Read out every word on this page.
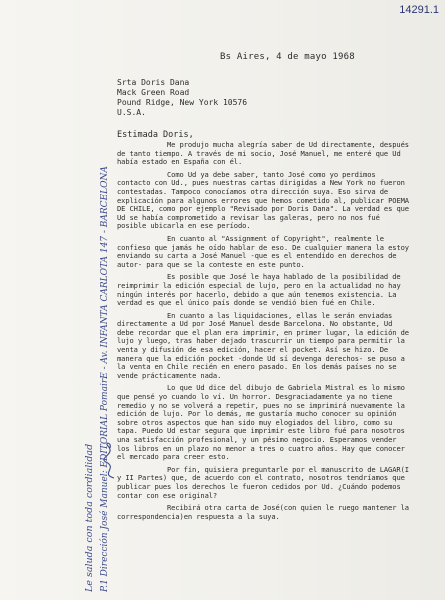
14291.1
Bs Aires, 4 de mayo 1968
Srta Doris Dana
Mack Green Road
Pound Ridge, New York 10576
U.S.A.
Estimada Doris,

Me produjo mucha alegría saber de Ud directamente, después de tanto tiempo. A través de mi socio, José Manuel, me enteré que Ud había estado en España con él.

Como Ud ya debe saber, tanto José como yo perdimos contacto con Ud., pues nuestras cartas dirigidas a New York no fueron contestadas. Tampoco conocíamos otra dirección suya. Eso sirva de explicación para algunos errores que hemos cometido al, publicar POEMA DE CHILE, como por ejemplo "Revisado por Doris Dana". La verdad es que Ud se había comprometido a revisar las galeras, pero no nos fué posible ubicarla en ese período.

En cuanto al "Assignment of Copyright", realmente le confieso que jamás he oído hablar de eso. De cualquier manera la estoy enviando su carta a José Manuel -que es el entendido en derechos de autor- para que se la conteste en este punto.

Es posible que José le haya hablado de la posibilidad de reimprimir la edición especial de lujo, pero en la actualidad no hay ningún interés por hacerlo, debido a que aún tenemos existencia. La verdad es que el único país donde se vendió bien fué en Chile.

En cuanto a las liquidaciones, ellas le serán enviadas directamente a Ud por José Manuel desde Barcelona. No obstante, Ud debe recordar que el plan era imprimir, en primer lugar, la edición de lujo y luego, tras haber dejado trascurrir un tiempo para permitir la venta y difusión de esa edición, hacer el pocket. Así se hizo. De manera que la edición pocket -donde Ud sí devenga derechos- se puso a la venta en Chile recién en enero pasado. En los demás países no se vende prácticamente nada.

Lo que Ud dice del dibujo de Gabriela Mistral es lo mismo que pensé yo cuando lo ví. Un horror. Desgraciadamente ya no tiene remedio y no se volverá a repetir, pues no se imprimirá nuevamente la edición de lujo. Por lo demás, me gustaría mucho conocer su opinión sobre otros aspectos que han sido muy elogiados del libro, como su tapa. Puedo Ud estar segura que imprimir este libro fué para nosotros una satisfacción profesional, y un pésimo negocio. Esperamos vender los libros en un plazo no menor a tres o cuatro años. Hay que conocer el mercado para creer esto.

Por fin, quisiera preguntarle por el manuscrito de LAGAR(I y II Partes) que, de acuerdo con el contrato, nosotros tendríamos que publicar pues los derechos le fueron cedidos por Ud. ¿Cuándo podemos contar con ese original?

Recibirá otra carta de José(con quien le ruego mantener la correspondencia)en respuesta a la suya.

Le saluda con toda cordialidad P.1 Dirección José Manuel: EDITORIAL PomairE - Av. INFANTA CARLOTA 147 - BARCELONA
